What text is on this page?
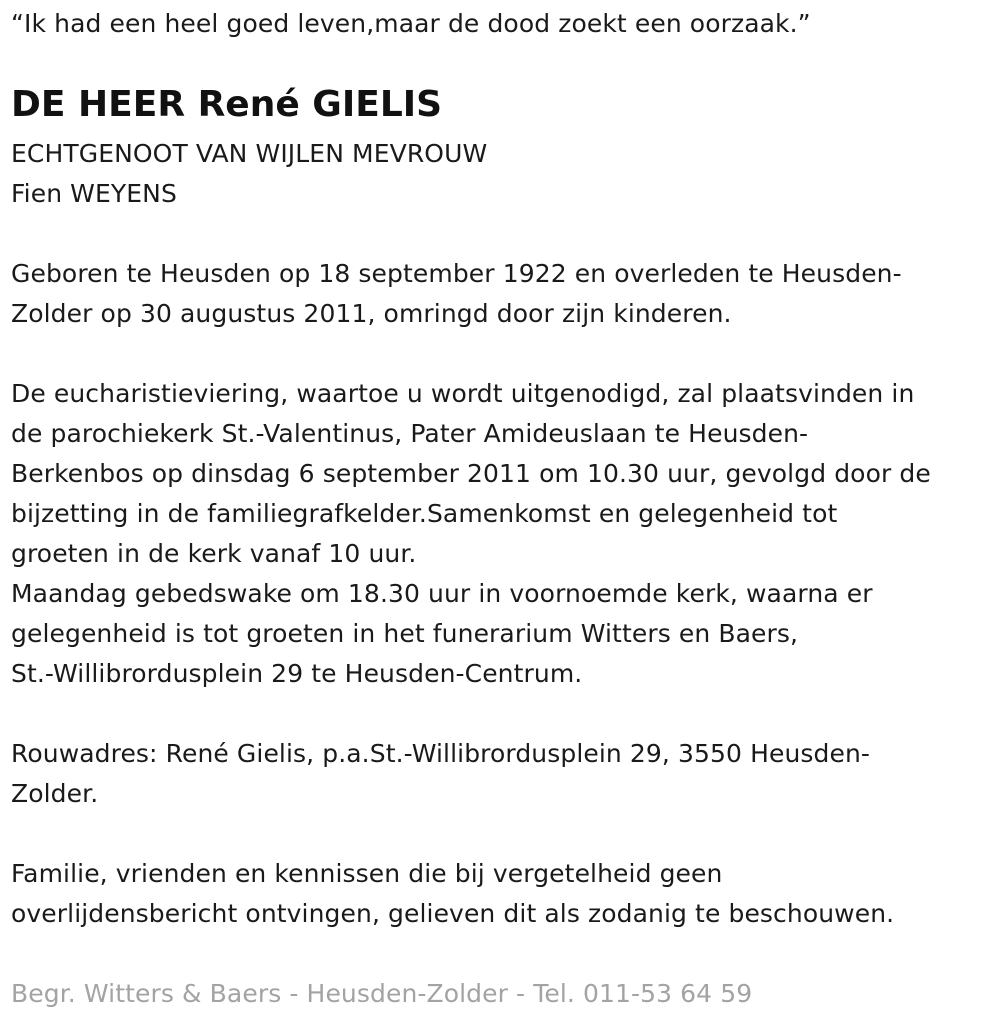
“Ik had een heel goed leven,maar de dood zoekt een oorzaak.”
DE HEER René GIELIS
ECHTGENOOT VAN WIJLEN MEVROUW
Fien WEYENS
Geboren te Heusden op 18 september 1922 en overleden te Heusden-
Zolder op 30 augustus 2011, omringd door zijn kinderen.
De eucharistieviering, waartoe u wordt uitgenodigd, zal plaatsvinden in
de parochiekerk St.-Valentinus, Pater Amideuslaan te Heusden-
Berkenbos op dinsdag 6 september 2011 om 10.30 uur, gevolgd door de
bijzetting in de familiegrafkelder.Samenkomst en gelegenheid tot
groeten in de kerk vanaf 10 uur.
Maandag gebedswake om 18.30 uur in voornoemde kerk, waarna er
gelegenheid is tot groeten in het funerarium Witters en Baers,
St.-Willibrordusplein 29 te Heusden-Centrum.
Rouwadres: René Gielis, p.a.St.-Willibrordusplein 29, 3550 Heusden-
Zolder.
Familie, vrienden en kennissen die bij vergetelheid geen
overlijdensbericht ontvingen, gelieven dit als zodanig te beschouwen.
Begr. Witters & Baers - Heusden-Zolder - Tel. 011-53 64 59
